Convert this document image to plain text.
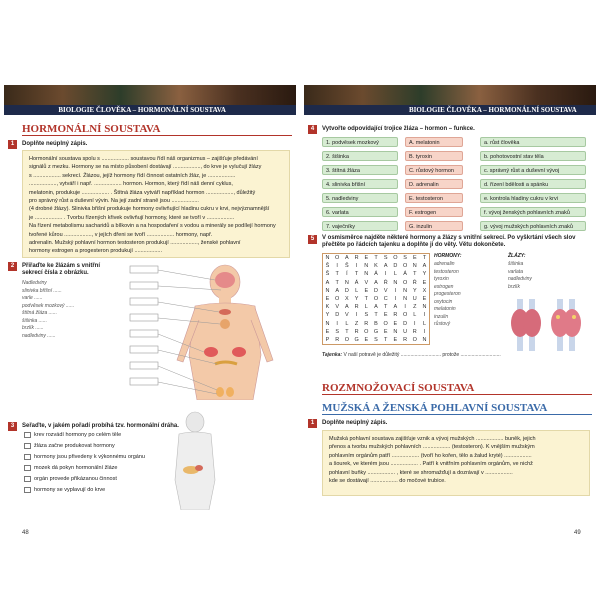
BIOLOGIE ČLOVĚKA – HORMONÁLNÍ SOUSTAVA	BIOLOGIE ČLOVĚKA – HORMONÁLNÍ SOUSTAVA
HORMONÁLNÍ SOUSTAVA
1	Doplňte neúplný zápis.
Hormonální soustava spolu s .................. soustavou řídí náš organizmus – zajišťuje předávání
signálů z mezku. Hormony se na místo působení dostávají .................., do krve je vylučují žlázy
s .................. sekrecí. Žlázou, jejíž hormony řídí činnost ostatních žláz, je ..................
.................., vytváří i např. .................. hormon. Hormon, který řídí náš denní cyklus,
melatonin, produkuje .................. . Štítná žláza vytváří například hormon .................., důležitý
pro správný růst a duševní vývin. Na její zadní straně jsou ..................
(4 drobné žlázy). Slinivka břišní produkuje hormony ovlivňující hladinu cukru v krvi, nejvýznamnější
je .................. . Tvorbu řízených křivek ovlivňují hormony, které se tvoří v ..................
Na řízení metabolismu sacharidů a bílkovin a na hospodaření s vodou a minerály se podílejí hormony
tvořené kůrou .................., v jejích dřeni se tvoří .................. hormony, např.
adrenalin. Mužský pohlavní hormon testosteron produkují .................., ženské pohlavní
hormony estrogen a progesteron produkují ..................
2	Přiřaďte ke žlázám s vnitřní sekrecí čísla z obrázku.
Nadledviny
slinivka břišní ......
varle ......
podvěsek mozkový ......
štítná žláza ......
šišinka ......
brzlík ......
nadledviny ......
3	Seřaďte, v jakém pořadí probíhá tzv. hormonální dráha.
krev rozvádí hormony po celém těle
žláza začne produkovat hormony
hormony jsou přivedeny k výkonnému orgánu
mozek dá pokyn hormonální žláze
orgán provede přikázanou činnost
hormony se vyplavují do krve
48
4	Vytvořte odpovídající trojice žláza – hormon – funkce.
1. podvěsek mozkový
2. šišinka
3. štítná žláza
4. slinivka břišní
5. nadledviny
6. varlata
7. vaječníky
A. melatonin
B. tyroxin
C. růstový hormon
D. adrenalin
E. testosteron
F. estrogen
G. inzulin
a. růst člověka
b. pohotovostní stav těla
c. správný růst a duševní vývoj
d. řízení bdělosti a spánku
e. kontrola hladiny cukru v krvi
f. vývoj ženských pohlavních znaků
g. vývoj mužských pohlavních znaků
5	V osmisměrce najděte některé hormony a žlázy s vnitřní sekrecí. Po vyškrtání všech slov přečtěte po řádcích tajenku a doplňte ji do věty. Větu dokončete.
N	O	A	R	E	T	S	O	S	E	T
Š	I	Š	I	N	K	A	D	O	N	A
Š	T	Í	T	N	Á	I	L	Á	T	Y
A	T	N	Á	V	A	Ř	N	O	Ř	E
N	A	D	L	E	D	V	I	N	Y	X
E	O	X	Y	T	O	C	I	N	U	E
K	V	A	R	L	A	T	A	I	Z	N
Y	D	V	I	S	T	E	R	O	L	I
N	I	L	Z	R	B	O	E	D	I	L
E	S	T	R	O G	E	N	U	R	I
P	R	O G	E	S	T	E	R	O	N
HORMONY:
adrenalin
testosteron
tyroxin
estrogen
progesteron
oxytocin
melatonin
inzulin
růstový
ŽLÁZY:
šišinka
varlata
nadledviny
brzlík
Tajenka: V naší potravě je důležitý ............................. protože .............................
ROZMNOŽOVACÍ SOUSTAVA
MUŽSKÁ A ŽENSKÁ POHLAVNÍ SOUSTAVA
1	Doplňte neúplný zápis.
Mužská pohlavní soustava zajišťuje vznik a vývoj mužských .................. buněk, jejich
přenos a tvorbu mužských pohlavních .................. (testosteron). K vnějším mužským
pohlavním orgánům patří .................. (tvoří ho kořen, tělo a žalud kryté) ..................
a šourek, ve kterém jsou .................. . Patří k vnitřním pohlavním orgánům, ve nichž
pohlavní buňky .................. , které se shromažďují a dozrávají v ..................
kde se dostávají .................. do močové trubice.
49
